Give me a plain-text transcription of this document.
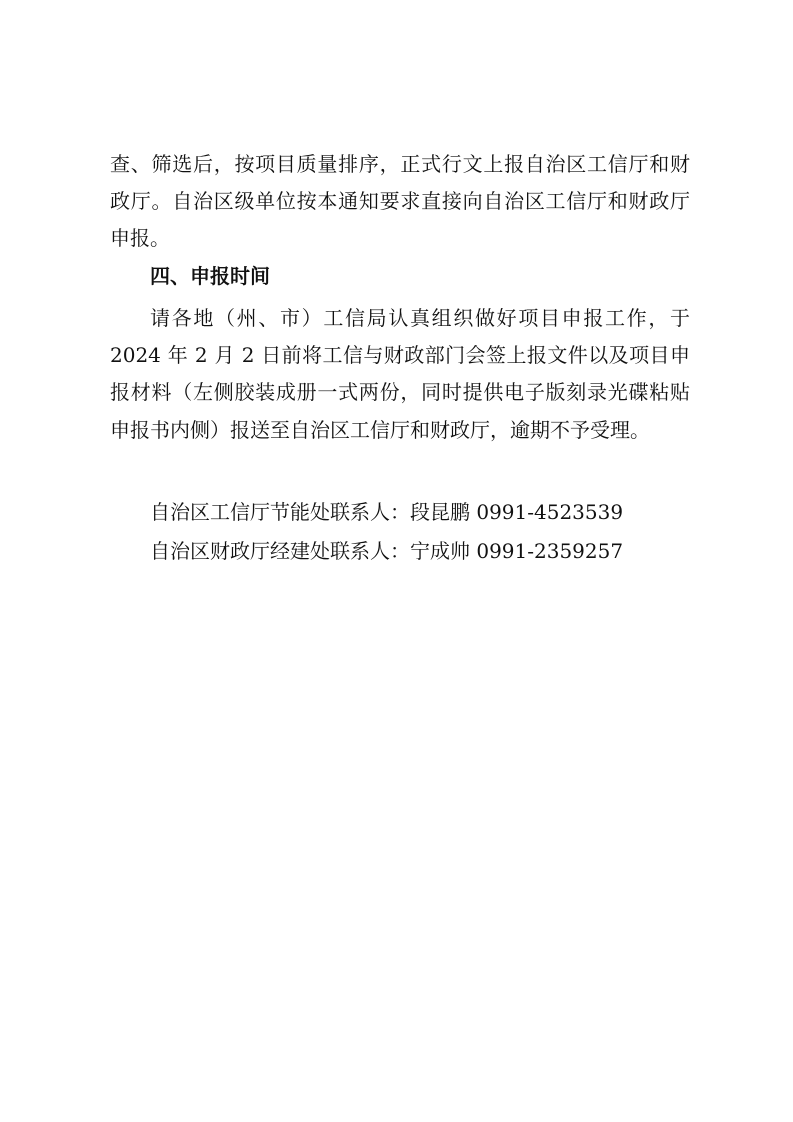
查、筛选后，按项目质量排序，正式行文上报自治区工信厅和财
政厅。自治区级单位按本通知要求直接向自治区工信厅和财政厅
申报。
四、申报时间
请各地（州、市）工信局认真组织做好项目申报工作，于
2024 年 2 月 2 日前将工信与财政部门会签上报文件以及项目申
报材料（左侧胶装成册一式两份，同时提供电子版刻录光碟粘贴
申报书内侧）报送至自治区工信厅和财政厅，逾期不予受理。
自治区工信厅节能处联系人：段昆鹏 0991-4523539
自治区财政厅经建处联系人：宁成帅 0991-2359257
